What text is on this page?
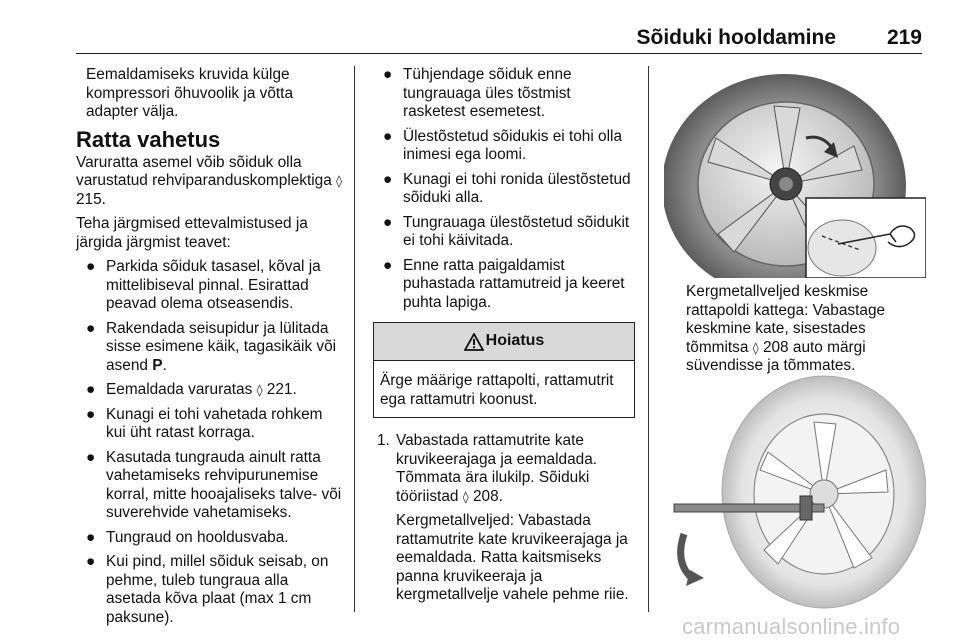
Sõiduki hooldamine 219

Eemaldamiseks kruvida külge kompressori õhuvoolik ja võtta adapter välja.

Ratta vahetus

Varuratta asemel võib sõiduk olla varustatud rehviparanduskomplektiga ◊ 215.

Teha järgmised ettevalmistused ja järgida järgmist teavet:

● Parkida sõiduk tasasel, kõval ja mittelibiseval pinnal. Esirattad peavad olema otseasendis.
● Rakendada seisupidur ja lülitada sisse esimene käik, tagasikäik või asend P.
● Eemaldada varuratas ◊ 221.
● Kunagi ei tohi vahetada rohkem kui üht ratast korraga.
● Kasutada tungrauda ainult ratta vahetamiseks rehvipurunemise korral, mitte hooajaliseks talve- või suverehvide vahetamiseks.
● Tungraud on hooldusvaba.
● Kui pind, millel sõiduk seisab, on pehme, tuleb tungraua alla asetada kõva plaat (max 1 cm paksune).
● Tühjendage sõiduk enne tungrauaga üles tõstmist rasketest esemetest.
● Ülestõstetud sõidukis ei tohi olla inimesi ega loomi.
● Kunagi ei tohi ronida ülestõstetud sõiduki alla.
● Tungrauaga ülestõstetud sõidukit ei tohi käivitada.
● Enne ratta paigaldamist puhastada rattamutreid ja keeret puhta lapiga.
Hoiatus
Ärge määrige rattapolti, rattamutrit ega rattamutri koonust.
1. Vabastada rattamutrite kate kruvikeerajaga ja eemaldada. Tõmmata ära ilukilp. Sõiduki tööriistad ◊ 208.

Kergmetallveljed: Vabastada rattamutrite kate kruvikeerajaga ja eemaldada. Ratta kaitsmiseks panna kruvikeeraja ja kergmetallvelje vahele pehme riie.

Kergmetallveljed keskmise rattapoldi kattega: Vabastage keskmine kate, sisestades tõmmitsa ◊ 208 auto märgi süvendisse ja tõmmates.
carmanualsonline.info
